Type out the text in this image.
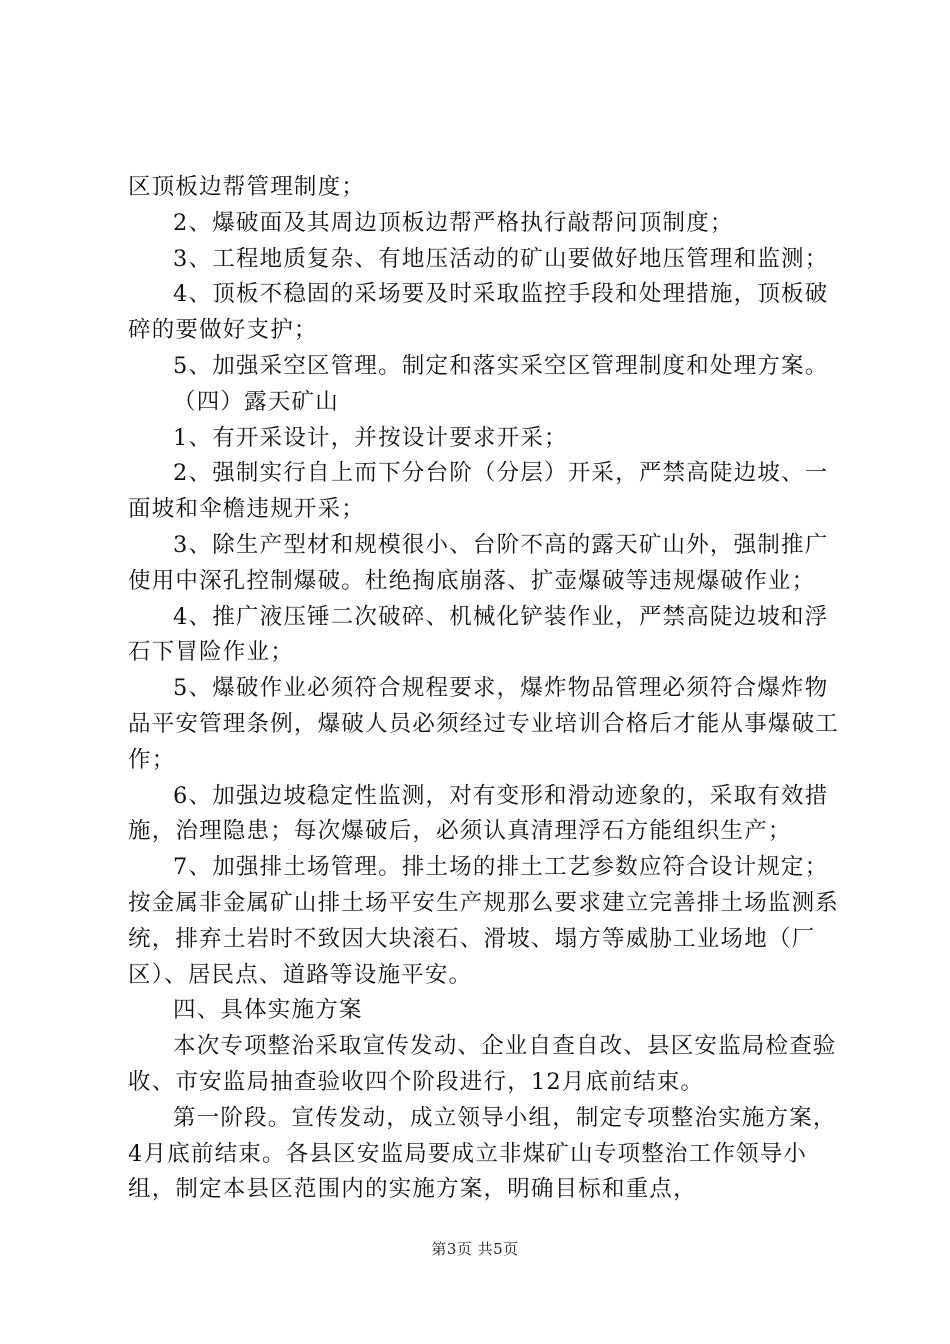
区顶板边帮管理制度；

2、爆破面及其周边顶板边帮严格执行敲帮问顶制度；

3、工程地质复杂、有地压活动的矿山要做好地压管理和监测；

4、顶板不稳固的采场要及时采取监控手段和处理措施，顶板破碎的要做好支护；

5、加强采空区管理。制定和落实采空区管理制度和处理方案。

（四）露天矿山

1、有开采设计，并按设计要求开采；

2、强制实行自上而下分台阶（分层）开采，严禁高陡边坡、一面坡和伞檐违规开采；

3、除生产型材和规模很小、台阶不高的露天矿山外，强制推广使用中深孔控制爆破。杜绝掏底崩落、扩壶爆破等违规爆破作业；

4、推广液压锤二次破碎、机械化铲装作业，严禁高陡边坡和浮石下冒险作业；

5、爆破作业必须符合规程要求，爆炸物品管理必须符合爆炸物品平安管理条例，爆破人员必须经过专业培训合格后才能从事爆破工作；

6、加强边坡稳定性监测，对有变形和滑动迹象的，采取有效措施，治理隐患；每次爆破后，必须认真清理浮石方能组织生产；

7、加强排土场管理。排土场的排土工艺参数应符合设计规定；按金属非金属矿山排土场平安生产规那么要求建立完善排土场监测系统，排弃土岩时不致因大块滚石、滑坡、塌方等威胁工业场地（厂区）、居民点、道路等设施平安。

四、具体实施方案

本次专项整治采取宣传发动、企业自查自改、县区安监局检查验收、市安监局抽查验收四个阶段进行，12月底前结束。

第一阶段。宣传发动，成立领导小组，制定专项整治实施方案，4月底前结束。各县区安监局要成立非煤矿山专项整治工作领导小组，制定本县区范围内的实施方案，明确目标和重点，

第3页 共5页
